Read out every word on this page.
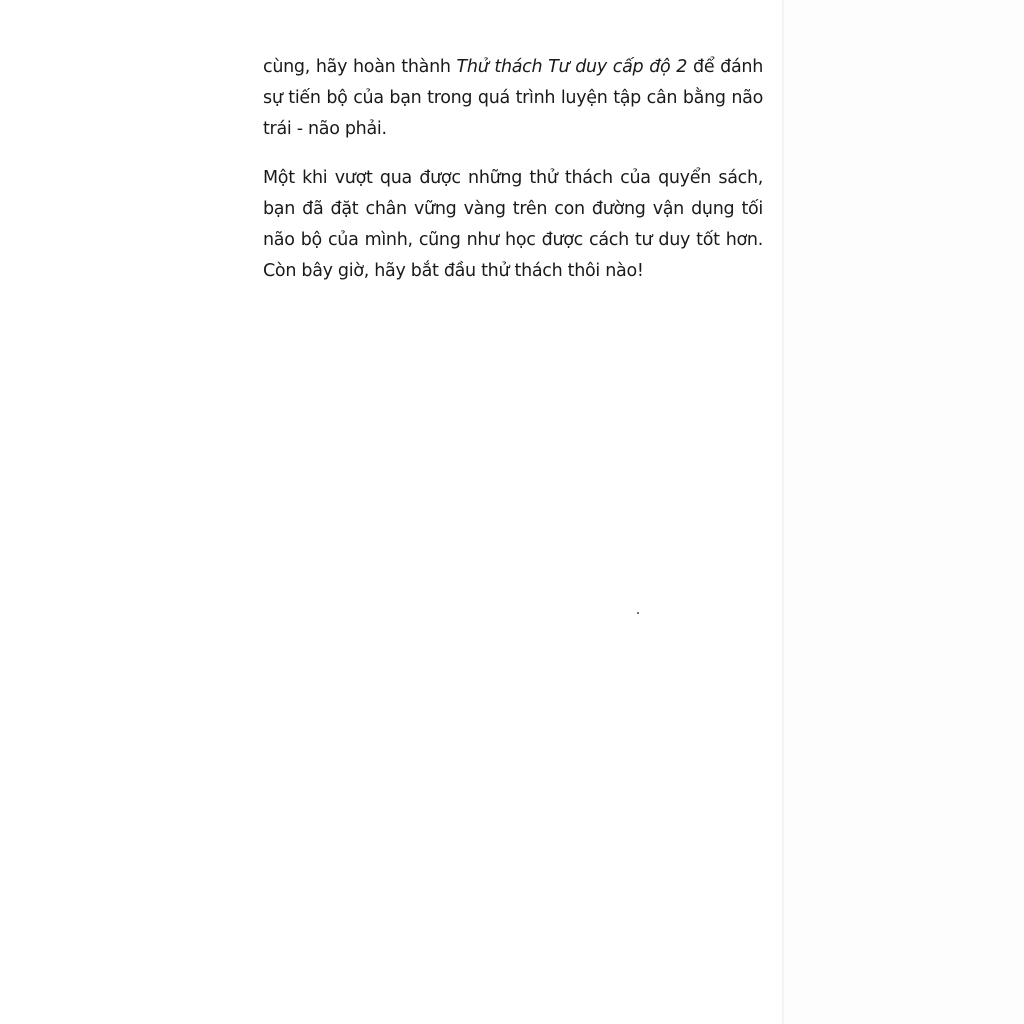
cùng, hãy hoàn thành Thử thách Tư duy cấp độ 2 để đánh
sự tiến bộ của bạn trong quá trình luyện tập cân bằng não
trái - não phải.
Một khi vượt qua được những thử thách của quyển sách,
bạn đã đặt chân vững vàng trên con đường vận dụng tối
não bộ của mình, cũng như học được cách tư duy tốt hơn.
Còn bây giờ, hãy bắt đầu thử thách thôi nào!
